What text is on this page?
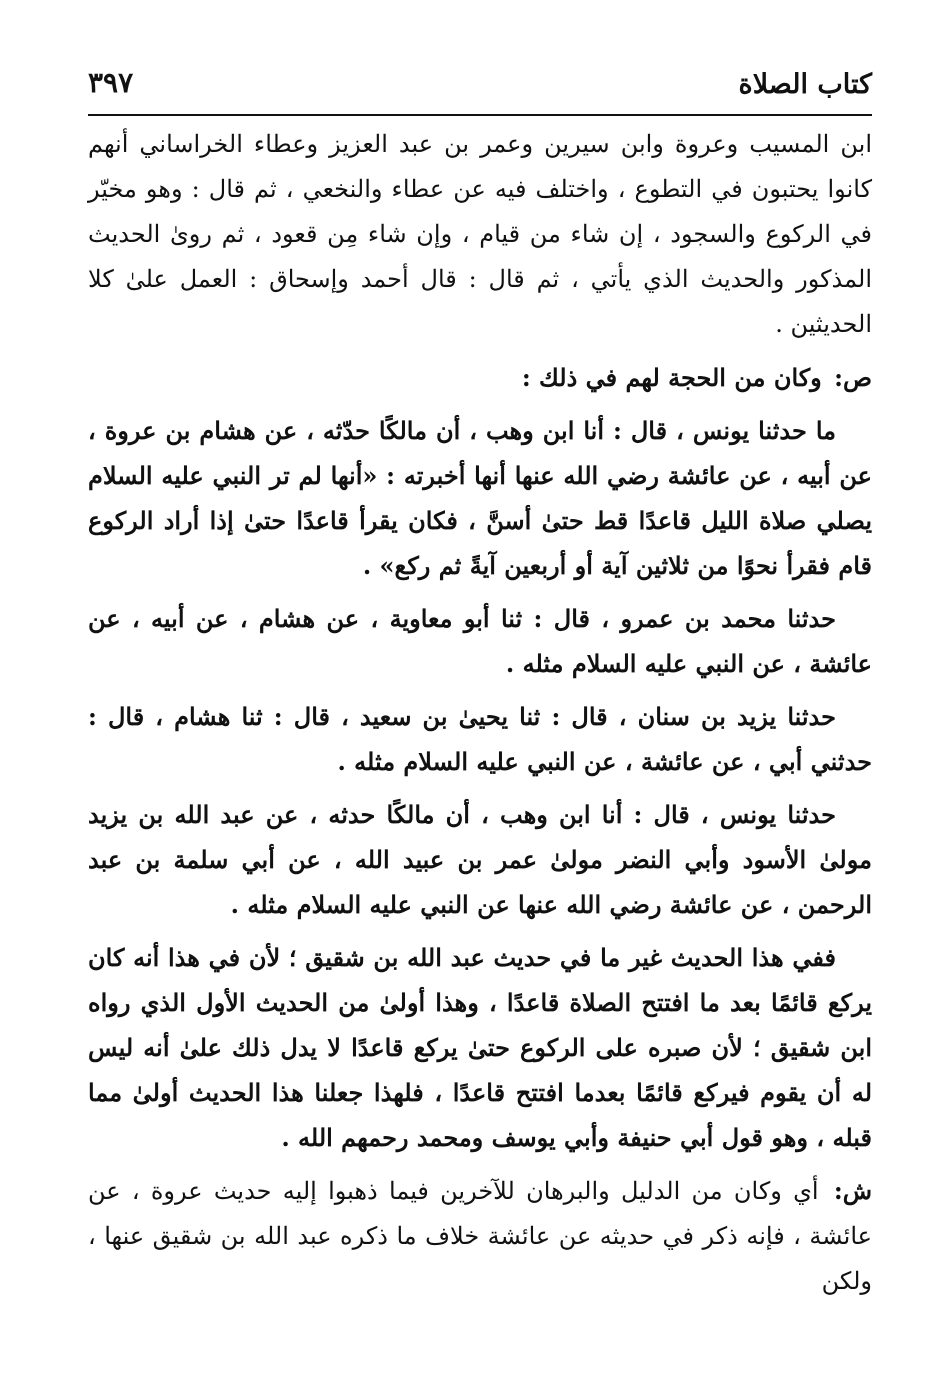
كتاب الصلاة
٣٩٧

ابن المسيب وعروة وابن سيرين وعمر بن عبد العزيز وعطاء الخراساني أنهم كانوا يحتبون في التطوع ، واختلف فيه عن عطاء والنخعي ، ثم قال : وهو مخيّر في الركوع والسجود ، إن شاء من قيام ، وإن شاء مِن قعود ، ثم روىٰ الحديث المذكور والحديث الذي يأتي ، ثم قال : قال أحمد وإسحاق : العمل علىٰ كلا الحديثين .

ص: وكان من الحجة لهم في ذلك :

ما حدثنا يونس ، قال : أنا ابن وهب ، أن مالكًا حدّثه ، عن هشام بن عروة ، عن أبيه ، عن عائشة رضي الله عنها أنها أخبرته : «أنها لم تر النبي عليه السلام يصلي صلاة الليل قاعدًا قط حتىٰ أسنَّ ، فكان يقرأ قاعدًا حتىٰ إذا أراد الركوع قام فقرأ نحوًا من ثلاثين آية أو أربعين آيةً ثم ركع» .

حدثنا محمد بن عمرو ، قال : ثنا أبو معاوية ، عن هشام ، عن أبيه ، عن عائشة ، عن النبي عليه السلام مثله .

حدثنا يزيد بن سنان ، قال : ثنا يحيىٰ بن سعيد ، قال : ثنا هشام ، قال : حدثني أبي ، عن عائشة ، عن النبي عليه السلام مثله .

حدثنا يونس ، قال : أنا ابن وهب ، أن مالكًا حدثه ، عن عبد الله بن يزيد مولىٰ الأسود وأبي النضر مولىٰ عمر بن عبيد الله ، عن أبي سلمة بن عبد الرحمن ، عن عائشة رضي الله عنها عن النبي عليه السلام مثله .

ففي هذا الحديث غير ما في حديث عبد الله بن شقيق ؛ لأن في هذا أنه كان يركع قائمًا بعد ما افتتح الصلاة قاعدًا ، وهذا أولىٰ من الحديث الأول الذي رواه ابن شقيق ؛ لأن صبره على الركوع حتىٰ يركع قاعدًا لا يدل ذلك علىٰ أنه ليس له أن يقوم فيركع قائمًا بعدما افتتح قاعدًا ، فلهذا جعلنا هذا الحديث أولىٰ مما قبله ، وهو قول أبي حنيفة وأبي يوسف ومحمد رحمهم الله .

ش: أي وكان من الدليل والبرهان للآخرين فيما ذهبوا إليه حديث عروة ، عن عائشة ، فإنه ذكر في حديثه عن عائشة خلاف ما ذكره عبد الله بن شقيق عنها ، ولكن
